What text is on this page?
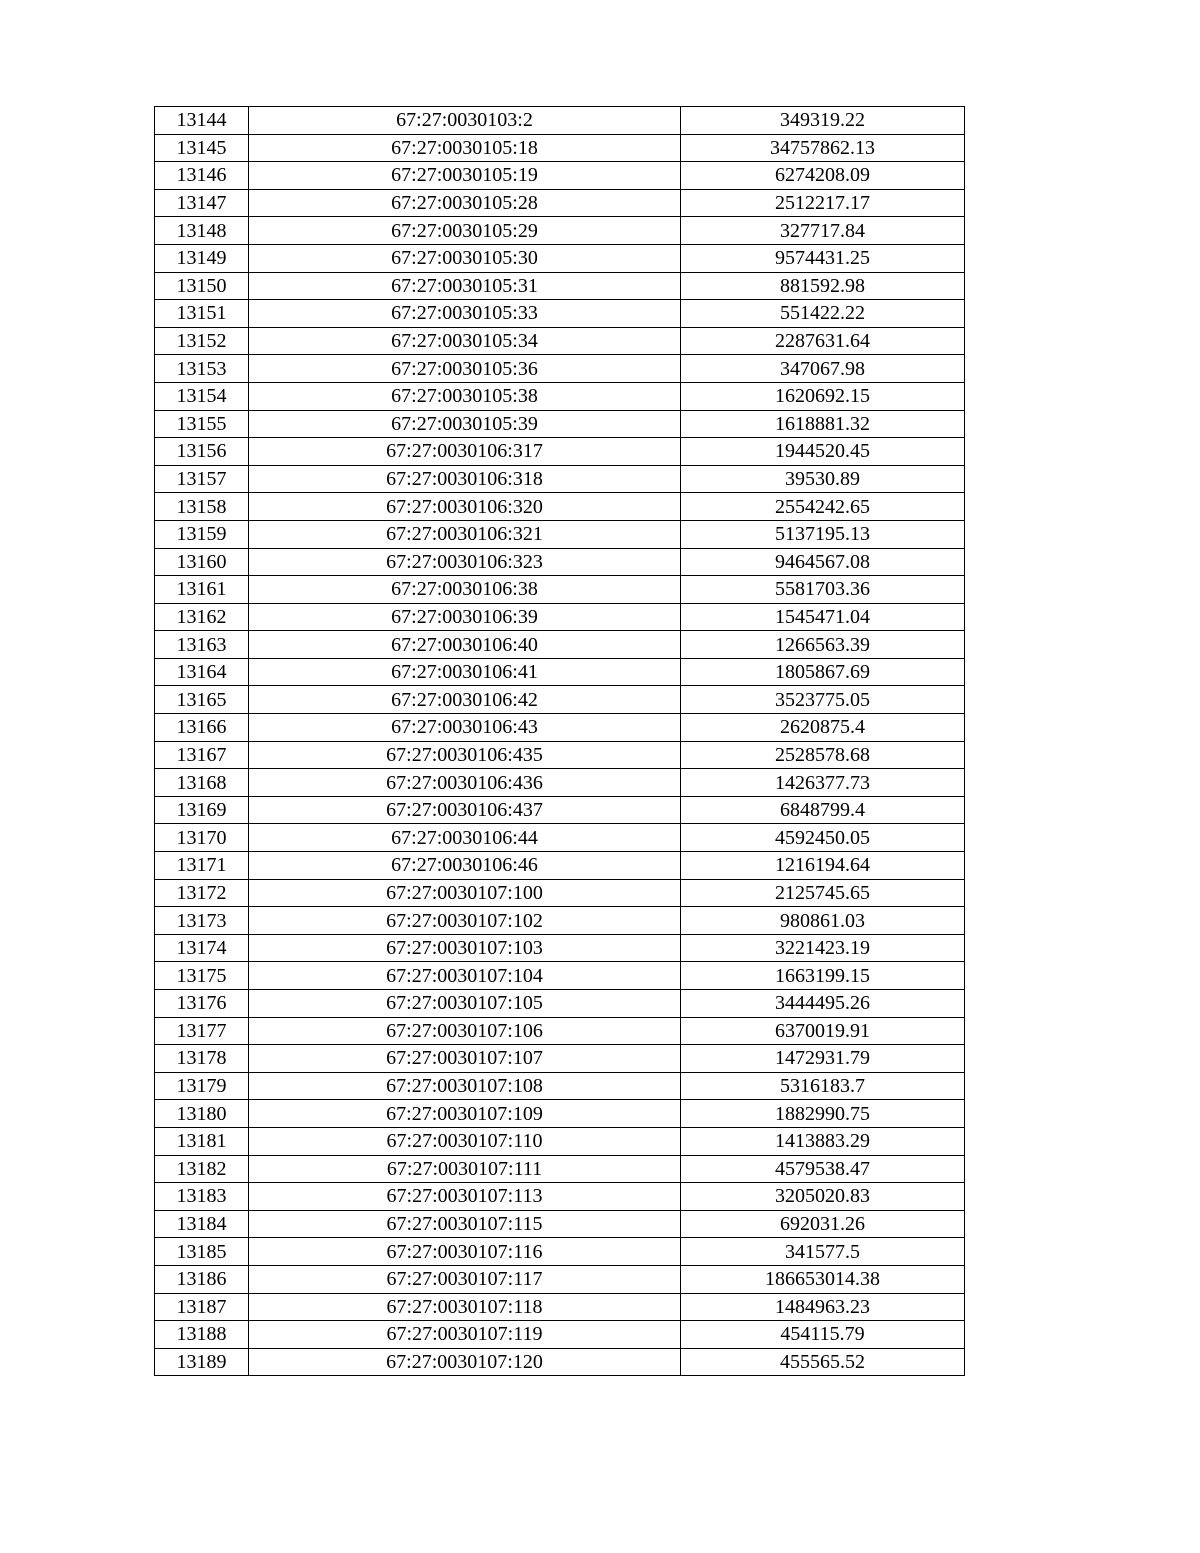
13144	67:27:0030103:2	349319.22
13145	67:27:0030105:18	34757862.13
13146	67:27:0030105:19	6274208.09
13147	67:27:0030105:28	2512217.17
13148	67:27:0030105:29	327717.84
13149	67:27:0030105:30	9574431.25
13150	67:27:0030105:31	881592.98
13151	67:27:0030105:33	551422.22
13152	67:27:0030105:34	2287631.64
13153	67:27:0030105:36	347067.98
13154	67:27:0030105:38	1620692.15
13155	67:27:0030105:39	1618881.32
13156	67:27:0030106:317	1944520.45
13157	67:27:0030106:318	39530.89
13158	67:27:0030106:320	2554242.65
13159	67:27:0030106:321	5137195.13
13160	67:27:0030106:323	9464567.08
13161	67:27:0030106:38	5581703.36
13162	67:27:0030106:39	1545471.04
13163	67:27:0030106:40	1266563.39
13164	67:27:0030106:41	1805867.69
13165	67:27:0030106:42	3523775.05
13166	67:27:0030106:43	2620875.4
13167	67:27:0030106:435	2528578.68
13168	67:27:0030106:436	1426377.73
13169	67:27:0030106:437	6848799.4
13170	67:27:0030106:44	4592450.05
13171	67:27:0030106:46	1216194.64
13172	67:27:0030107:100	2125745.65
13173	67:27:0030107:102	980861.03
13174	67:27:0030107:103	3221423.19
13175	67:27:0030107:104	1663199.15
13176	67:27:0030107:105	3444495.26
13177	67:27:0030107:106	6370019.91
13178	67:27:0030107:107	1472931.79
13179	67:27:0030107:108	5316183.7
13180	67:27:0030107:109	1882990.75
13181	67:27:0030107:110	1413883.29
13182	67:27:0030107:111	4579538.47
13183	67:27:0030107:113	3205020.83
13184	67:27:0030107:115	692031.26
13185	67:27:0030107:116	341577.5
13186	67:27:0030107:117	186653014.38
13187	67:27:0030107:118	1484963.23
13188	67:27:0030107:119	454115.79
13189	67:27:0030107:120	455565.52
